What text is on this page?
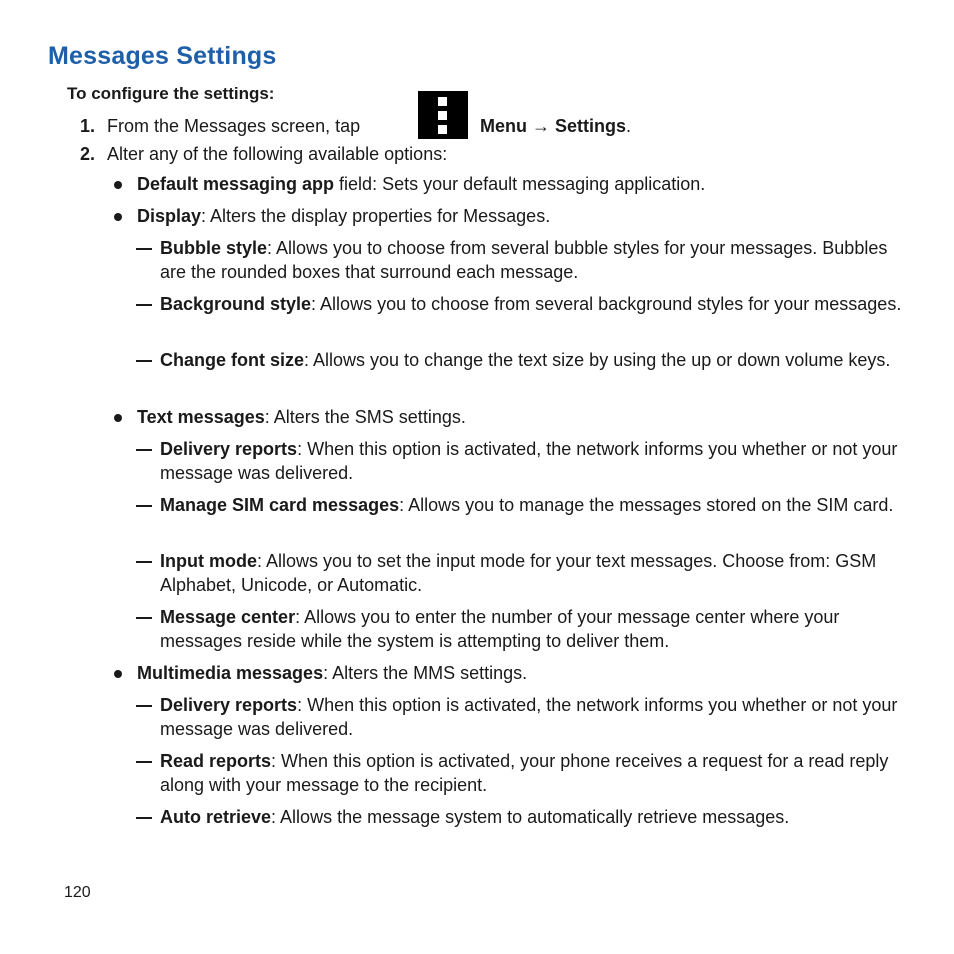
Messages Settings
To configure the settings:
1. From the Messages screen, tap	Menu → Settings.
2. Alter any of the following available options:

Default messaging app field: Sets your default messaging application.

Display: Alters the display properties for Messages.

Bubble style: Allows you to choose from several bubble styles for your messages. Bubbles are the rounded boxes that surround each message.

Background style: Allows you to choose from several background styles for your messages.

Change font size: Allows you to change the text size by using the up or down volume keys.

Text messages: Alters the SMS settings.

Delivery reports: When this option is activated, the network informs you whether or not your message was delivered.

Manage SIM card messages: Allows you to manage the messages stored on the SIM card.

Input mode: Allows you to set the input mode for your text messages. Choose from: GSM Alphabet, Unicode, or Automatic.

Message center: Allows you to enter the number of your message center where your messages reside while the system is attempting to deliver them.

Multimedia messages: Alters the MMS settings.

Delivery reports: When this option is activated, the network informs you whether or not your message was delivered.

Read reports: When this option is activated, your phone receives a request for a read reply along with your message to the recipient.

Auto retrieve: Allows the message system to automatically retrieve messages.

120
